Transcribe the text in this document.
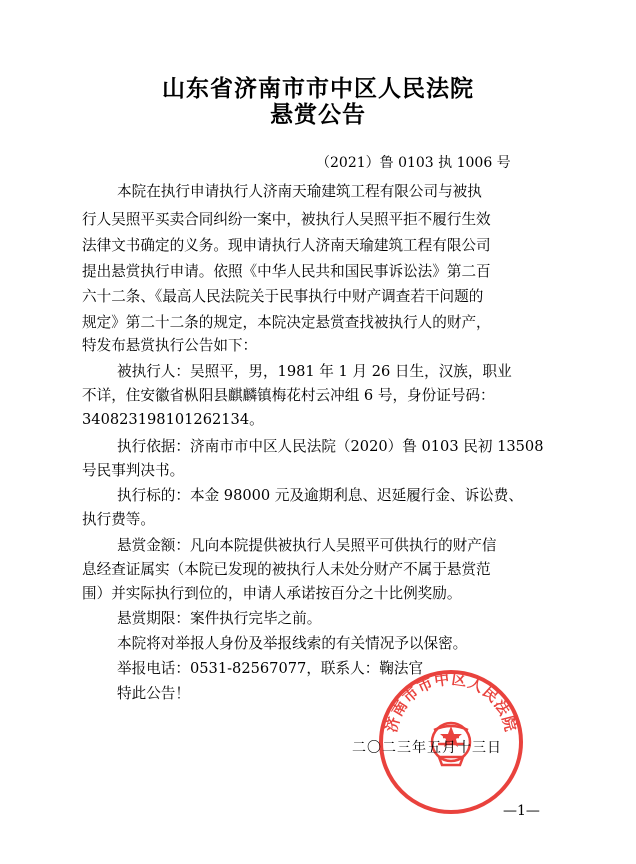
山东省济南市市中区人民法院
悬赏公告
（2021）鲁 0103 执 1006 号
本院在执行申请执行人济南天瑜建筑工程有限公司与被执
行人吴照平买卖合同纠纷一案中，被执行人吴照平拒不履行生效
法律文书确定的义务。现申请执行人济南天瑜建筑工程有限公司
提出悬赏执行申请。依照《中华人民共和国民事诉讼法》第二百
六十二条、《最高人民法院关于民事执行中财产调查若干问题的
规定》第二十二条的规定，本院决定悬赏查找被执行人的财产，
特发布悬赏执行公告如下：
被执行人：吴照平，男，1981 年 1 月 26 日生，汉族，职业
不详，住安徽省枞阳县麒麟镇梅花村云冲组 6 号，身份证号码：
340823198101262134。
执行依据：济南市市中区人民法院（2020）鲁 0103 民初 13508
号民事判决书。
执行标的：本金 98000 元及逾期利息、迟延履行金、诉讼费、
执行费等。
悬赏金额：凡向本院提供被执行人吴照平可供执行的财产信
息经查证属实（本院已发现的被执行人未处分财产不属于悬赏范
围）并实际执行到位的，申请人承诺按百分之十比例奖励。
悬赏期限：案件执行完毕之前。
本院将对举报人身份及举报线索的有关情况予以保密。
举报电话：0531-82567077，联系人：鞠法官
特此公告！
济南市市中区人民法院
二〇二三年五月十三日
—1—
